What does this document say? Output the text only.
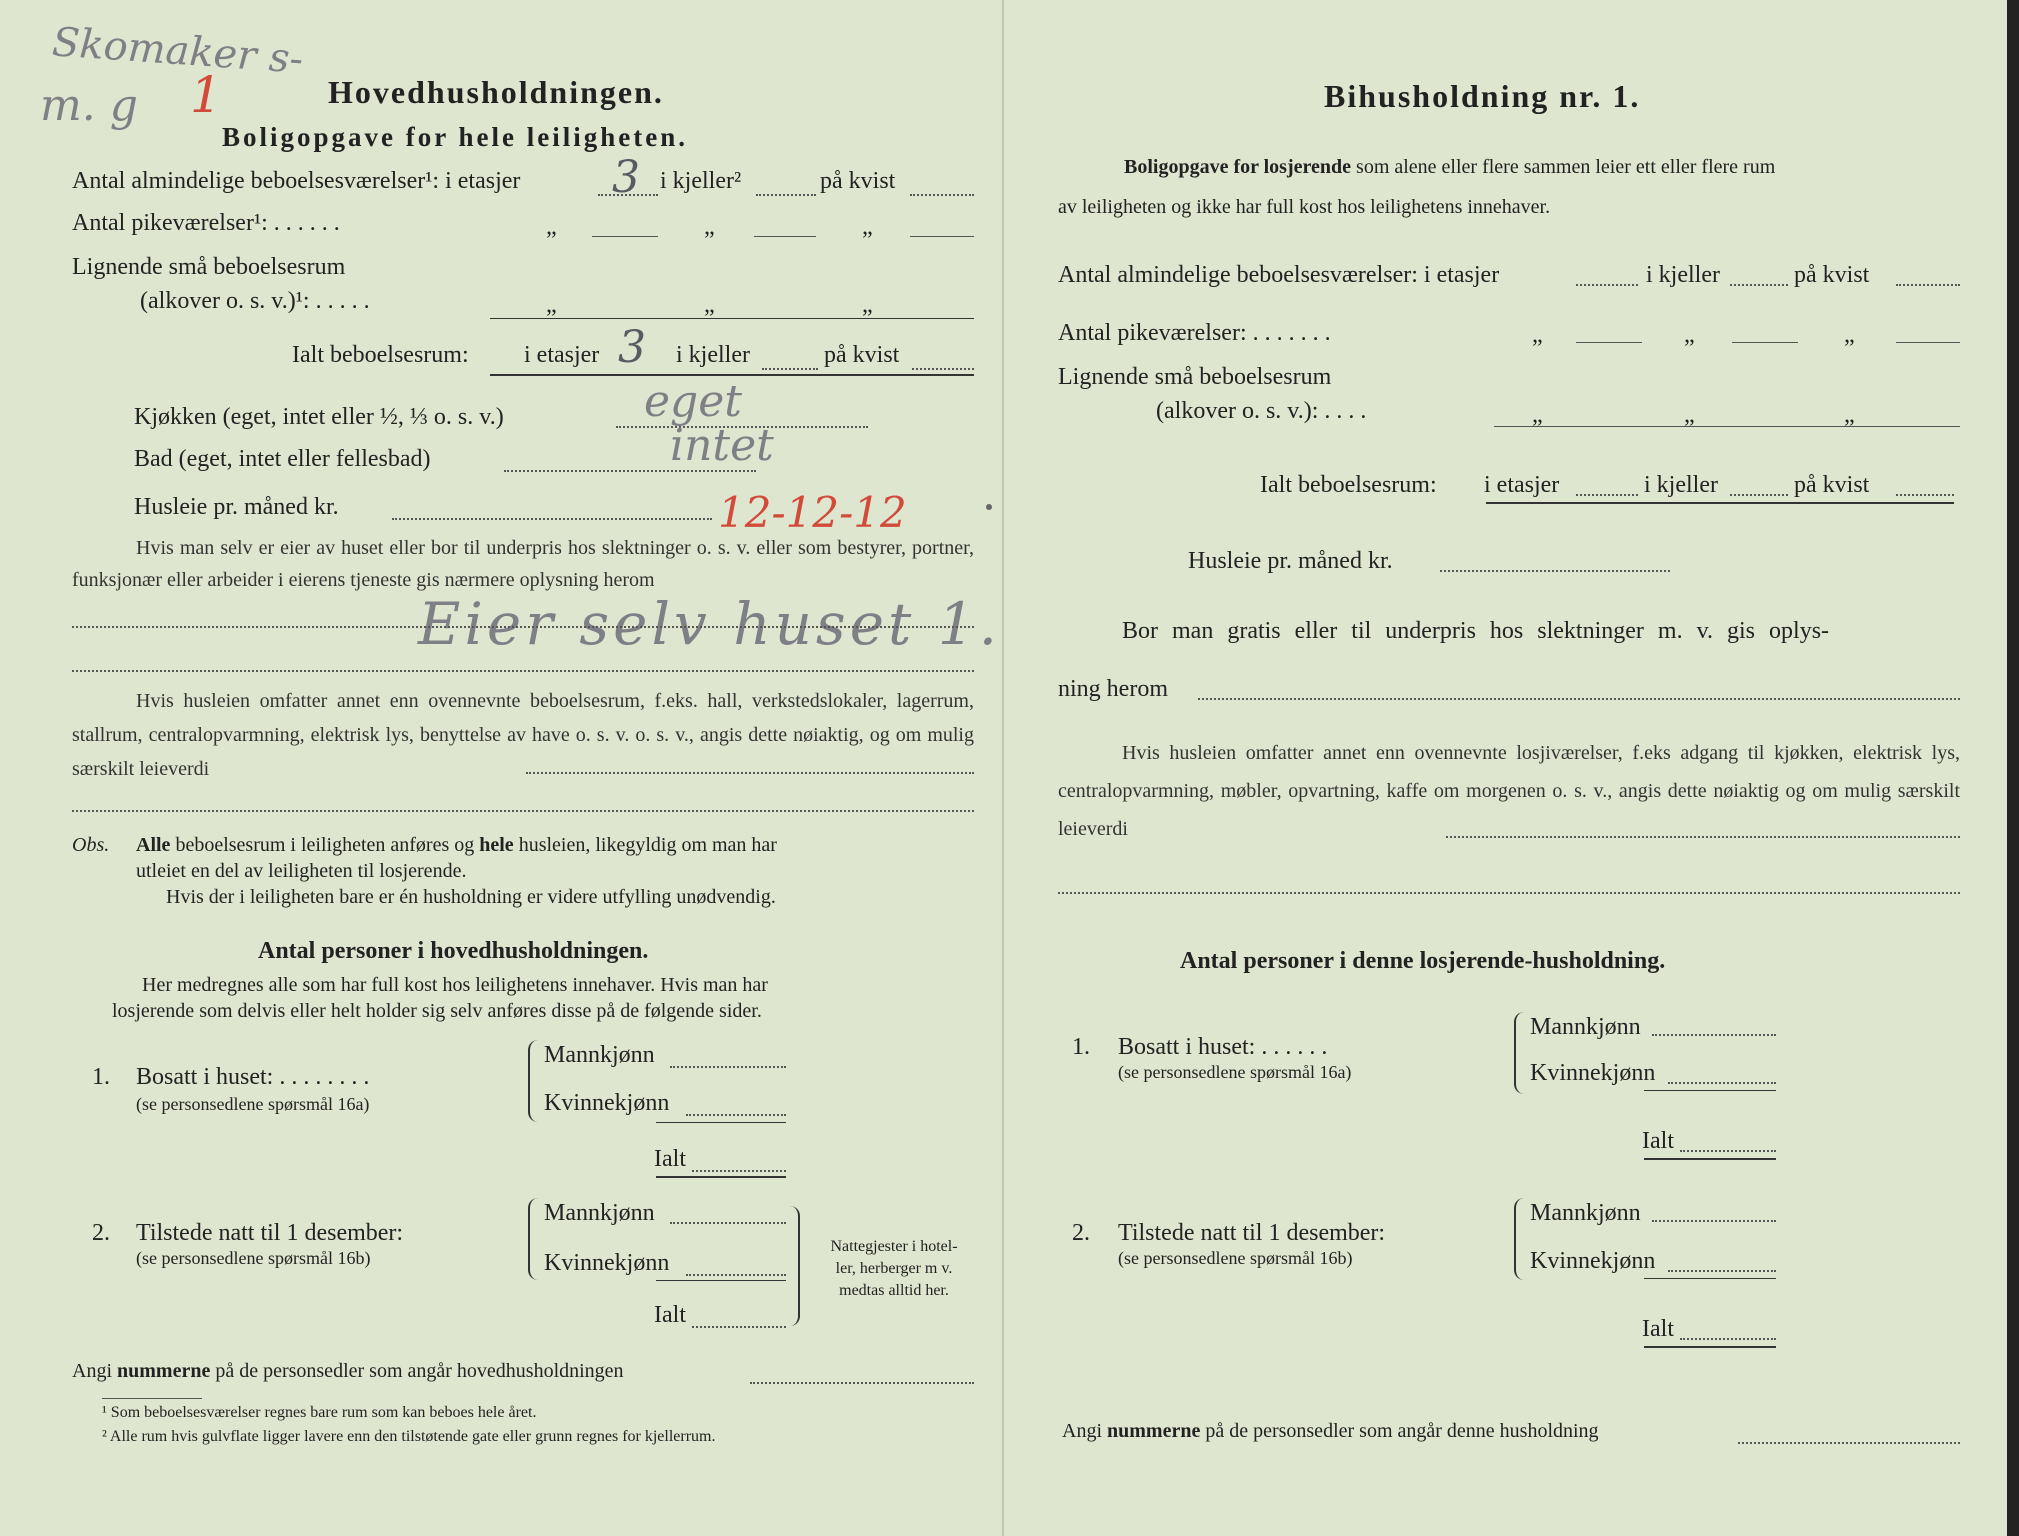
Skomaker s-
m. g 1	Hovedhusholdningen.
Boligopgave for hele leiligheten.
Antal almindelige beboelsesværelser¹: i etasjer 3 i kjeller²	på kvist
Antal pikeværelser¹: . . . . . .	„	„	„
Lignende små beboelsesrum
(alkover o. s. v.)¹: . . . . .	„	„	„
Ialt beboelsesrum: i etasjer 3 i kjeller	på kvist
Kjøkken (eget, intet eller ½, ⅓ o. s. v.)	eget
Bad (eget, intet eller fellesbad)	intet
Husleie pr. måned kr.	12-12-12
Hvis man selv er eier av huset eller bor til underpris hos slektninger o. s. v. eller som bestyrer, portner, funksjonær eller arbeider i eierens tjeneste gis nærmere oplysning herom
Eier selv huset 1.
Hvis husleien omfatter annet enn ovennevnte beboelsesrum, f.eks. hall, verkstedslokaler, lagerrum, stallrum, centralopvarmning, elektrisk lys, benyttelse av have o. s. v. o. s. v., angis dette nøiaktig, og om mulig særskilt leieverdi
Obs. Alle beboelsesrum i leiligheten anføres og hele husleien, likegyldig om man har
utleiet en del av leiligheten til losjerende.
Hvis der i leiligheten bare er én husholdning er videre utfylling unødvendig.
Antal personer i hovedhusholdningen.
Her medregnes alle som har full kost hos leilighetens innehaver. Hvis man har
losjerende som delvis eller helt holder sig selv anføres disse på de følgende sider.
1. Bosatt i huset: . . . . . . . .
(se personsedlene spørsmål 16a)
Mannkjønn
Kvinnekjønn
Ialt
2. Tilstede natt til 1 desember:
(se personsedlene spørsmål 16b)
Mannkjønn
Kvinnekjønn
Ialt
Nattegjester i hotel-
ler, herberger m v.
medtas alltid her.
Angi nummerne på de personsedler som angår hovedhusholdningen
¹ Som beboelsesværelser regnes bare rum som kan beboes hele året.
² Alle rum hvis gulvflate ligger lavere enn den tilstøtende gate eller grunn regnes for kjellerrum.
Bihusholdning nr. 1.
Boligopgave for losjerende som alene eller flere sammen leier ett eller flere rum
av leiligheten og ikke har full kost hos leilighetens innehaver.
Antal almindelige beboelsesværelser: i etasjer	i kjeller	på kvist
Antal pikeværelser: . . . . . . .	„	„	„
Lignende små beboelsesrum
(alkover o. s. v.): . . . .	„	„	„
Ialt beboelsesrum: i etasjer	i kjeller	på kvist
Husleie pr. måned kr.
Bor man gratis eller til underpris hos slektninger m. v. gis oplys-
ning herom
Hvis husleien omfatter annet enn ovennevnte losjiværelser, f.eks adgang til kjøkken, elektrisk lys, centralopvarmning, møbler, opvartning, kaffe om morgenen o. s. v., angis dette nøiaktig og om mulig særskilt leieverdi
Antal personer i denne losjerende-husholdning.
1. Bosatt i huset: . . . . . .
(se personsedlene spørsmål 16a)
Mannkjønn
Kvinnekjønn
Ialt
2. Tilstede natt til 1 desember:
(se personsedlene spørsmål 16b)
Mannkjønn
Kvinnekjønn
Ialt
Angi nummerne på de personsedler som angår denne husholdning
